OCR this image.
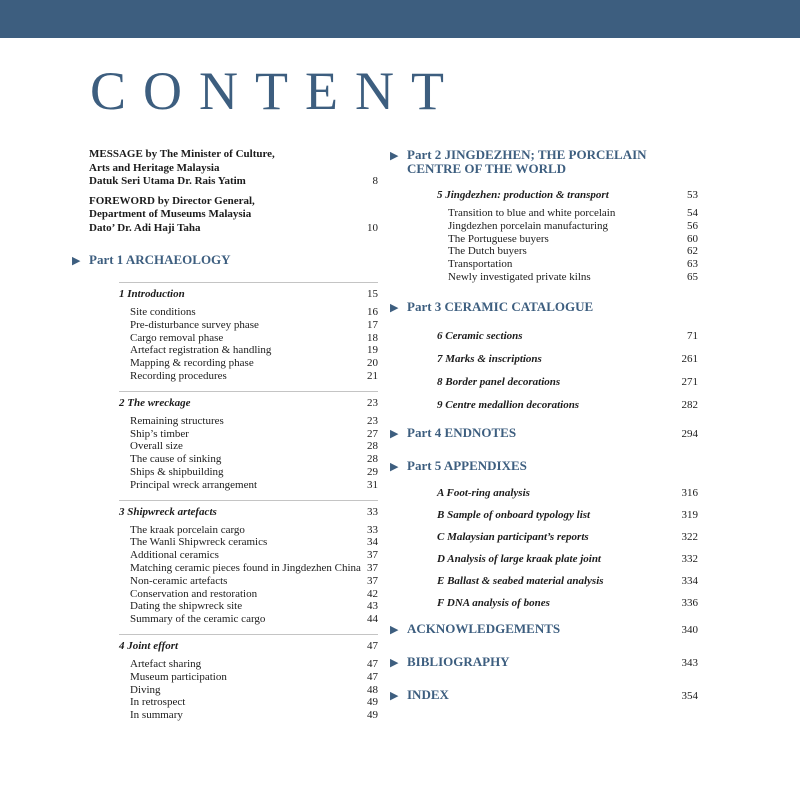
CONTENT
MESSAGE by The Minister of Culture,
Arts and Heritage Malaysia
Datuk Seri Utama Dr. Rais Yatim	8
FOREWORD by Director General,
Department of Museums Malaysia
Dato’ Dr. Adi Haji Taha	10
▶ Part 1 ARCHAEOLOGY
1 Introduction	15
Site conditions	16
Pre-disturbance survey phase	17
Cargo removal phase	18
Artefact registration & handling	19
Mapping & recording phase	20
Recording procedures	21
2 The wreckage	23
Remaining structures	23
Ship’s timber	27
Overall size	28
The cause of sinking	28
Ships & shipbuilding	29
Principal wreck arrangement	31
3 Shipwreck artefacts	33
The kraak porcelain cargo	33
The Wanli Shipwreck ceramics	34
Additional ceramics	37
Matching ceramic pieces found in Jingdezhen China 37
Non-ceramic artefacts	37
Conservation and restoration	42
Dating the shipwreck site	43
Summary of the ceramic cargo	44
4 Joint effort	47
Artefact sharing	47
Museum participation	47
Diving	48
In retrospect	49
In summary	49
▶ Part 2 JINGDEZHEN; THE PORCELAIN CENTRE OF THE WORLD
5 Jingdezhen: production & transport	53
Transition to blue and white porcelain	54
Jingdezhen porcelain manufacturing	56
The Portuguese buyers	60
The Dutch buyers	62
Transportation	63
Newly investigated private kilns	65
▶ Part 3 CERAMIC CATALOGUE
6 Ceramic sections	71
7 Marks & inscriptions	261
8 Border panel decorations	271
9 Centre medallion decorations	282
▶ Part 4 ENDNOTES	294
▶ Part 5 APPENDIXES
A Foot-ring analysis	316
B Sample of onboard typology list	319
C Malaysian participant’s reports	322
D Analysis of large kraak plate joint	332
E Ballast & seabed material analysis	334
F DNA analysis of bones	336
▶ ACKNOWLEDGEMENTS	340
▶ BIBLIOGRAPHY	343
▶ INDEX	354
